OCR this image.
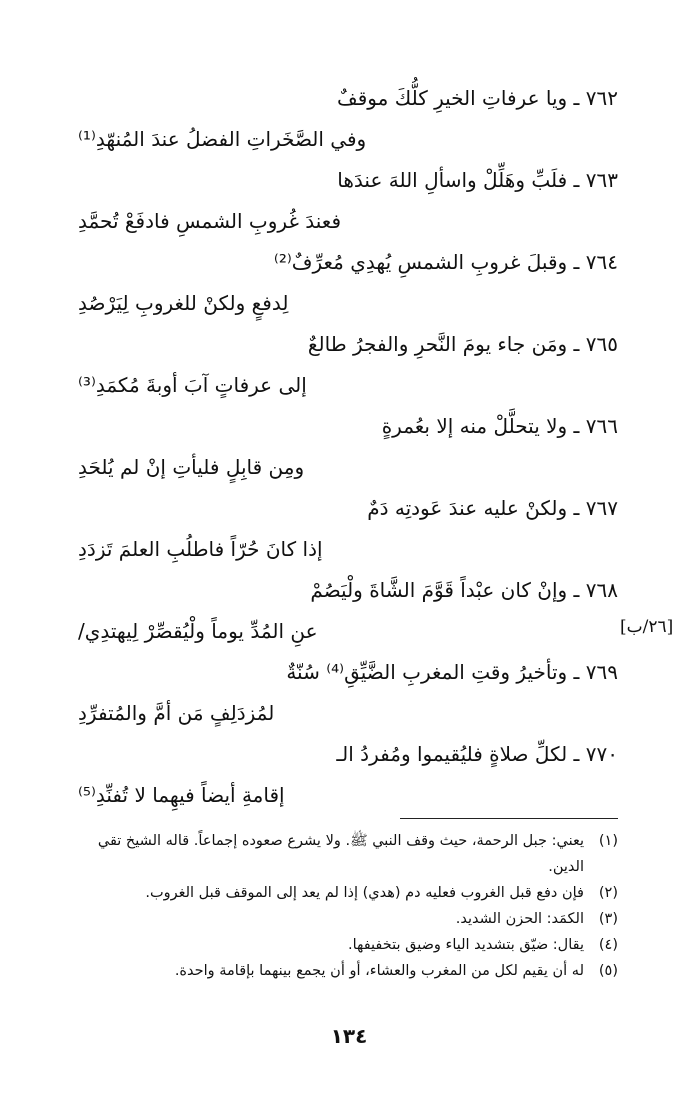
٧٦٢ ـ ويا عرفاتِ الخيرِ كلُّكَ موقفٌ
وفي الصَّخَراتِ الفضلُ عندَ المُنهّدِ⁽¹⁾
٧٦٣ ـ فلَبِّ وهَلِّلْ واسألِ اللهَ عندَها
فعندَ غُروبِ الشمسِ فادفَعْ تُحمَّدِ
٧٦٤ ـ وقبلَ غروبِ الشمسِ يُهدِي مُعرِّفٌ⁽²⁾
لِدفعٍ ولكنْ للغروبِ لِيَرْصُدِ
٧٦٥ ـ ومَن جاء يومَ النَّحرِ والفجرُ طالعٌ
إلى عرفاتٍ آبَ أوبةَ مُكمَدِ⁽³⁾
٧٦٦ ـ ولا يتحلَّلْ منه إلا بعُمرةٍ
ومِن قابِلٍ فليأتِ إنْ لم يُلحَدِ
٧٦٧ ـ ولكنْ عليه عندَ عَودتِه دَمٌ
إذا كانَ حُرّاً فاطلُبِ العلمَ تَزدَدِ
٧٦٨ ـ وإنْ كان عبْداً قَوَّمَ الشَّاةَ ولْيَصُمْ
عنِ المُدِّ يوماً ولْيُقصِّرْ لِيهتدِي/
٧٦٩ ـ وتأخيرُ وقتِ المغربِ الضَّيِّقِ⁽⁴⁾ سُنّةٌ
لمُزدَلِفٍ مَن أمَّ والمُتفرِّدِ
٧٧٠ ـ لكلِّ صلاةٍ فليُقيموا ومُفردُ الـ
إقامةِ أيضاً فيهِما لا تُفنِّدِ⁽⁵⁾
[٢٦/ب]
(١)
يعني: جبل الرحمة، حيث وقف النبي ﷺ. ولا يشرع صعوده إجماعاً. قاله الشيخ تقي الدين.
(٢)
فإن دفع قبل الغروب فعليه دم (هدي) إذا لم يعد إلى الموقف قبل الغروب.
(٣)
الكمَد: الحزن الشديد.
(٤)
يقال: ضيّق بتشديد الياء وضيق بتخفيفها.
(٥)
له أن يقيم لكل من المغرب والعشاء، أو أن يجمع بينهما بإقامة واحدة.
١٣٤
